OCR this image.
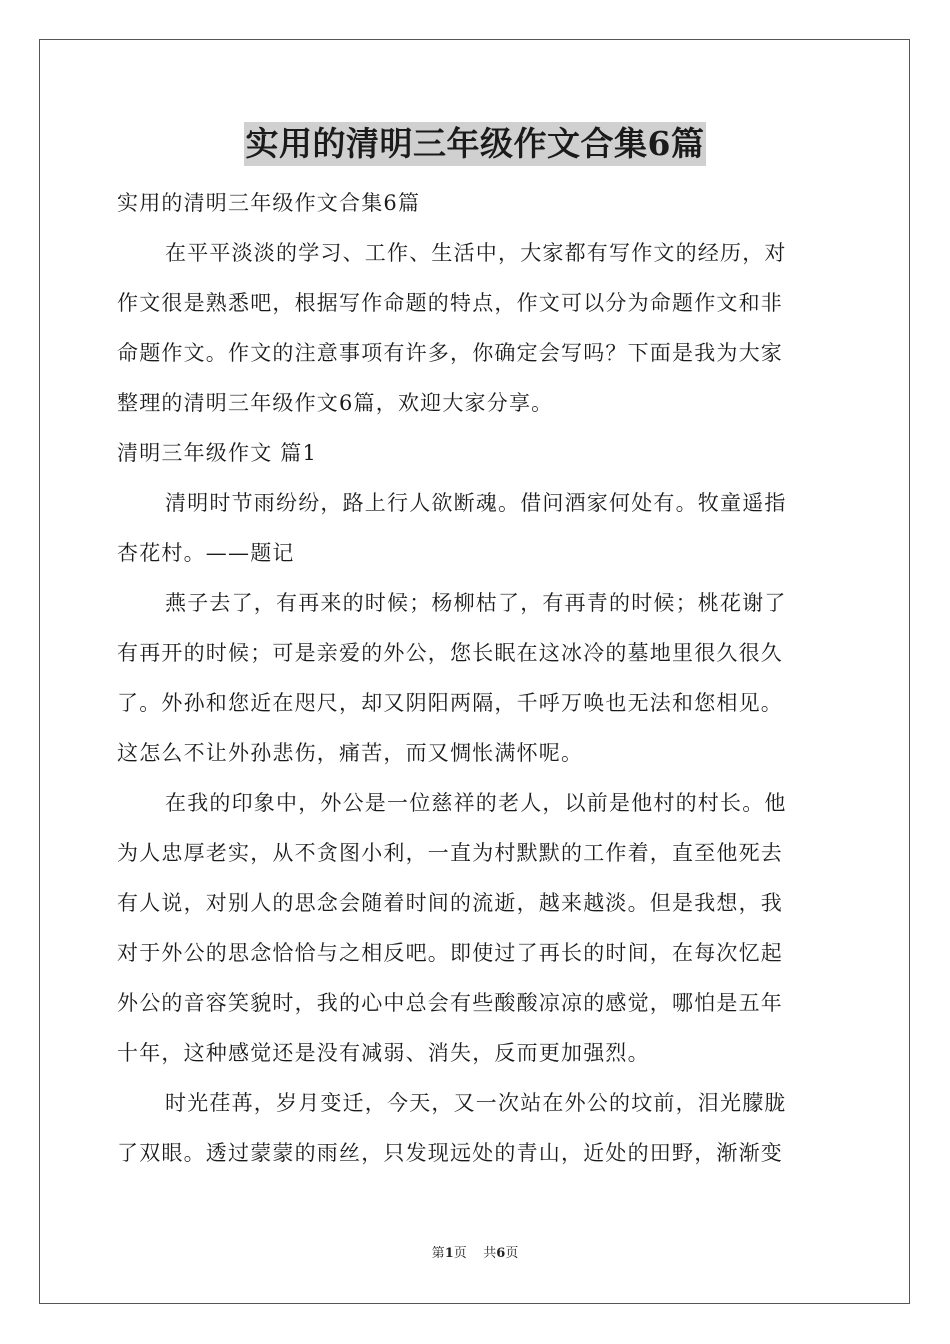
实用的清明三年级作文合集6篇
实用的清明三年级作文合集6篇
在平平淡淡的学习、工作、生活中，大家都有写作文的经历，对
作文很是熟悉吧，根据写作命题的特点，作文可以分为命题作文和非
命题作文。作文的注意事项有许多，你确定会写吗？下面是我为大家
整理的清明三年级作文6篇，欢迎大家分享。
清明三年级作文 篇1
清明时节雨纷纷，路上行人欲断魂。借问酒家何处有。牧童遥指
杏花村。——题记
燕子去了，有再来的时候；杨柳枯了，有再青的时候；桃花谢了
有再开的时候；可是亲爱的外公，您长眠在这冰冷的墓地里很久很久
了。外孙和您近在咫尺，却又阴阳两隔，千呼万唤也无法和您相见。
这怎么不让外孙悲伤，痛苦，而又惆怅满怀呢。
在我的印象中，外公是一位慈祥的老人，以前是他村的村长。他
为人忠厚老实，从不贪图小利，一直为村默默的工作着，直至他死去
有人说，对别人的思念会随着时间的流逝，越来越淡。但是我想，我
对于外公的思念恰恰与之相反吧。即使过了再长的时间，在每次忆起
外公的音容笑貌时，我的心中总会有些酸酸凉凉的感觉，哪怕是五年
十年，这种感觉还是没有减弱、消失，反而更加强烈。
时光荏苒，岁月变迁，今天，又一次站在外公的坟前，泪光朦胧
了双眼。透过蒙蒙的雨丝，只发现远处的青山，近处的田野，渐渐变
第1页    共6页
